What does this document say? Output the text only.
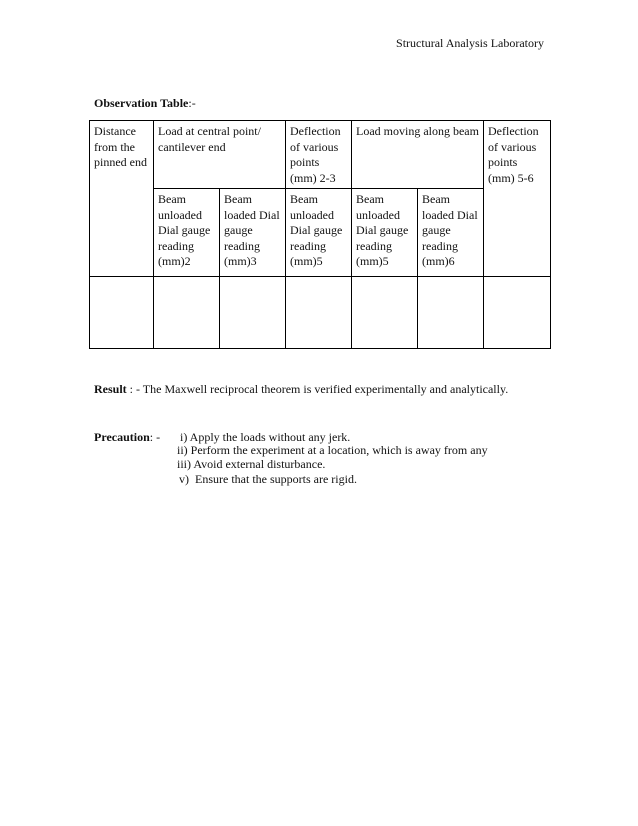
Structural Analysis Laboratory
Observation Table:-
Distance from the pinned end	Load at central point/ cantilever end		Deflection of various points (mm) 2-3	Load moving along beam		Deflection of various points (mm) 5-6
	Beam unloaded Dial gauge reading (mm)2	Beam loaded Dial gauge reading (mm)3	Beam unloaded Dial gauge reading (mm)5	Beam unloaded Dial gauge reading (mm)5	Beam loaded Dial gauge reading (mm)6	

Result : - The Maxwell reciprocal theorem is verified experimentally and analytically.
Precaution: - i) Apply the loads without any jerk.
ii) Perform the experiment at a location, which is away from any
iii) Avoid external disturbance.
v)  Ensure that the supports are rigid.
